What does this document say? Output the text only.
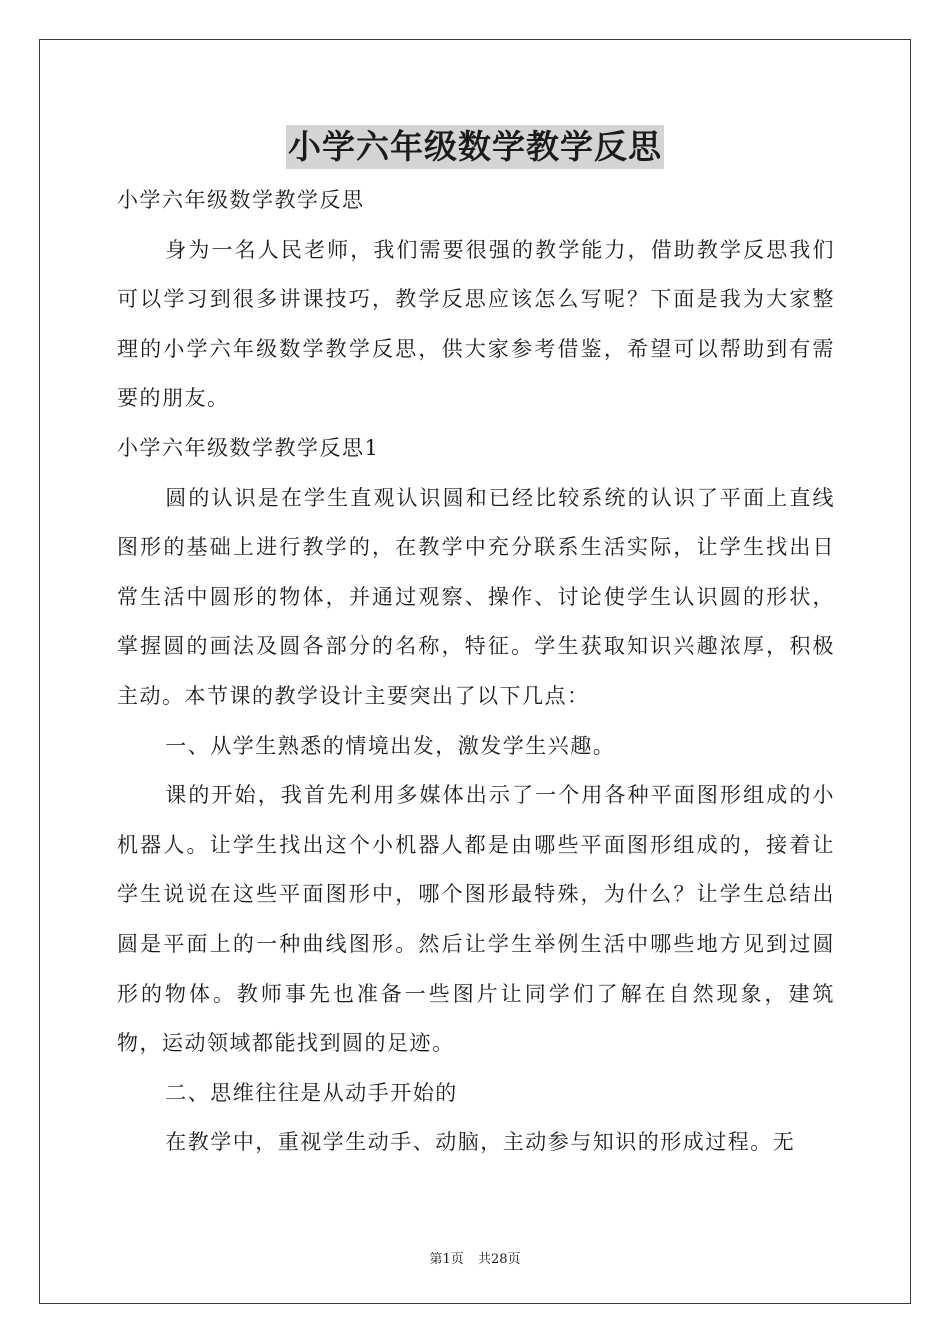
小学六年级数学教学反思

小学六年级数学教学反思

身为一名人民老师，我们需要很强的教学能力，借助教学反思我们可以学习到很多讲课技巧，教学反思应该怎么写呢？下面是我为大家整理的小学六年级数学教学反思，供大家参考借鉴，希望可以帮助到有需要的朋友。

小学六年级数学教学反思1

圆的认识是在学生直观认识圆和已经比较系统的认识了平面上直线图形的基础上进行教学的，在教学中充分联系生活实际，让学生找出日常生活中圆形的物体，并通过观察、操作、讨论使学生认识圆的形状，掌握圆的画法及圆各部分的名称，特征。学生获取知识兴趣浓厚，积极主动。本节课的教学设计主要突出了以下几点：

一、从学生熟悉的情境出发，激发学生兴趣。

课的开始，我首先利用多媒体出示了一个用各种平面图形组成的小机器人。让学生找出这个小机器人都是由哪些平面图形组成的，接着让学生说说在这些平面图形中，哪个图形最特殊，为什么？让学生总结出圆是平面上的一种曲线图形。然后让学生举例生活中哪些地方见到过圆形的物体。教师事先也准备一些图片让同学们了解在自然现象，建筑物，运动领域都能找到圆的足迹。

二、思维往往是从动手开始的

在教学中，重视学生动手、动脑，主动参与知识的形成过程。无

第1页 共28页
